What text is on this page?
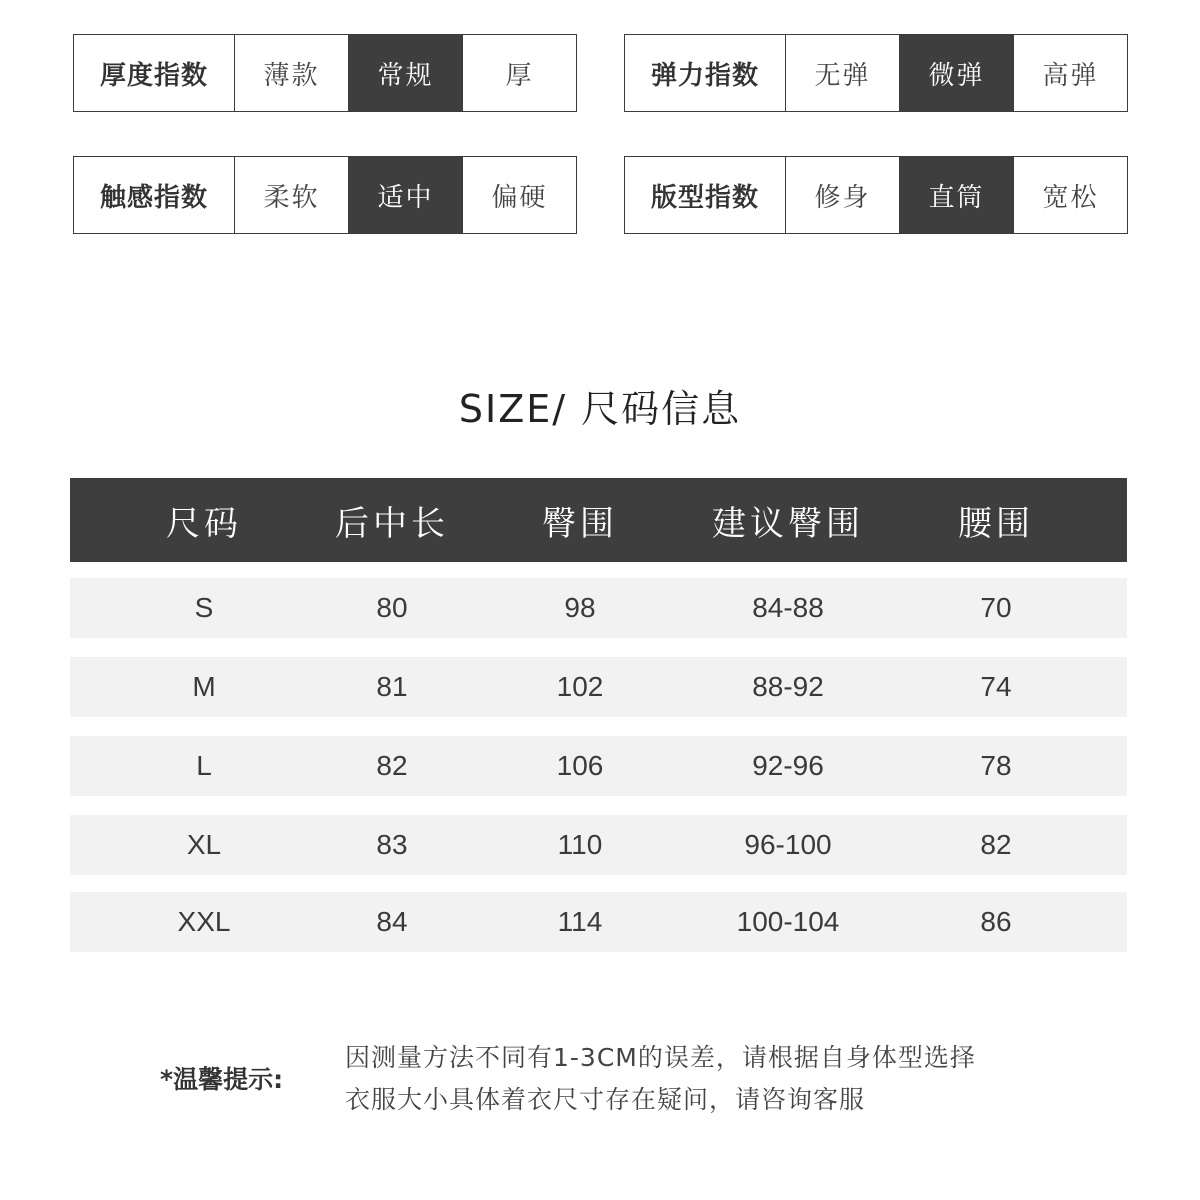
厚度指数	薄款	常规	厚	弹力指数	无弹	微弹	高弹
触感指数	柔软	适中	偏硬	版型指数	修身	直筒	宽松
SIZE/ 尺码信息
尺码	后中长	臀围	建议臀围	腰围
S	80	98	84-88	70
M	81	102	88-92	74
L	82	106	92-96	78
XL	83	110	96-100	82
XXL	84	114	100-104	86
*温馨提示:
因测量方法不同有1-3CM的误差，请根据自身体型选择
衣服大小具体着衣尺寸存在疑问，请咨询客服
